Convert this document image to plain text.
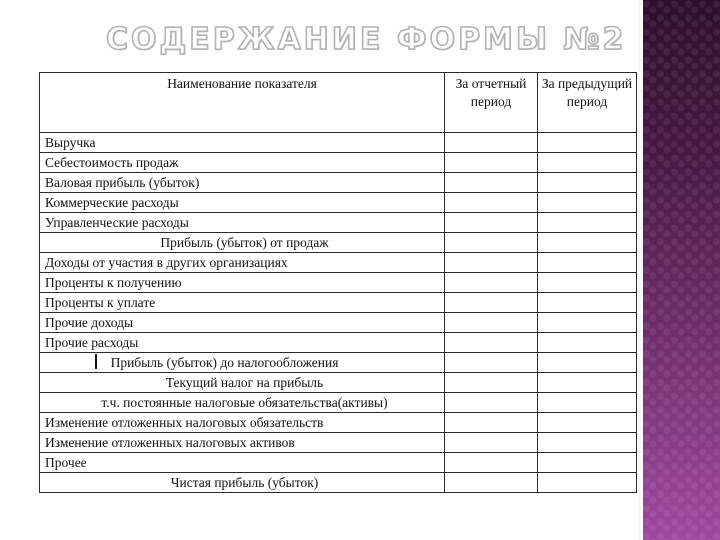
СОДЕРЖАНИЕ ФОРМЫ №2
Наименование показателя	За отчетный период	За предыдущий период
Выручка		
Себестоимость продаж		
Валовая прибыль (убыток)		
Коммерческие расходы		
Управленческие расходы		
Прибыль (убыток) от продаж		
Доходы от участия в других организациях		
Проценты к получению		
Проценты к уплате		
Прочие доходы		
Прочие расходы		
Прибыль (убыток) до налогообложения		
Текущий налог на прибыль		
т.ч. постоянные налоговые обязательства(активы)		
Изменение отложенных налоговых обязательств		
Изменение отложенных налоговых активов		
Прочее		
Чистая прибыль (убыток)		
